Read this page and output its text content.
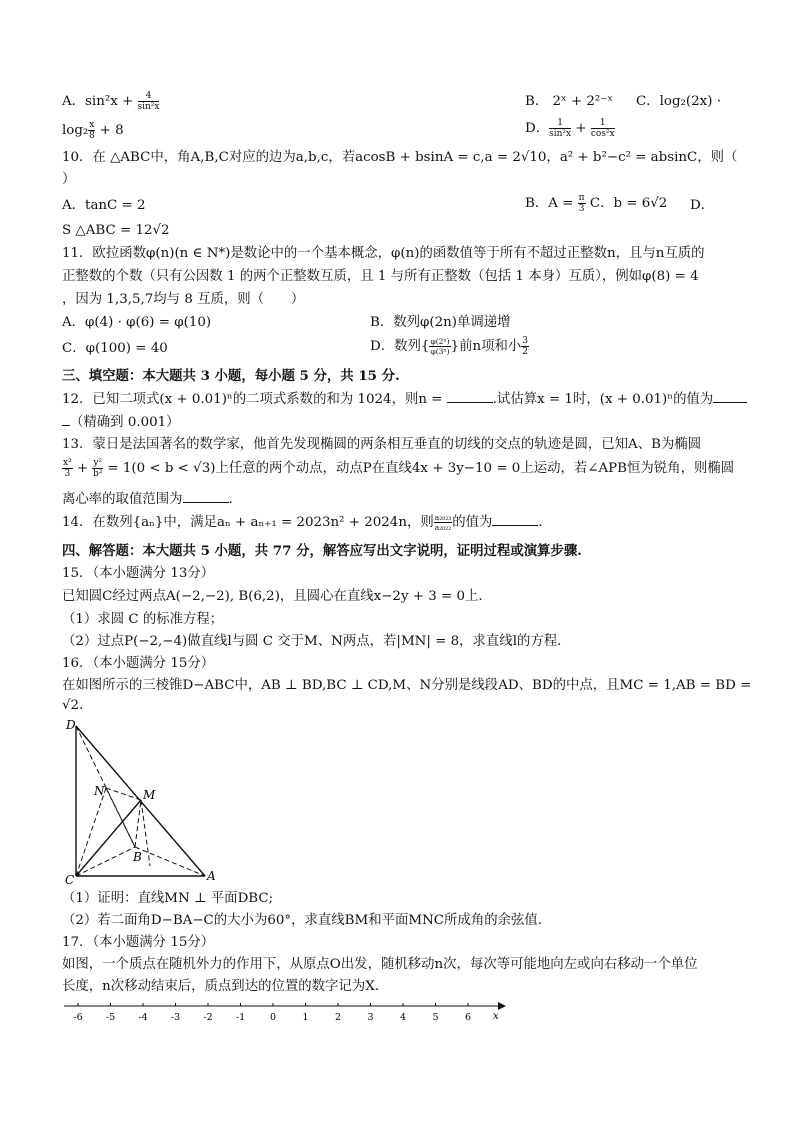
A．$\sin^2x + \frac{4}{\text{sin²x}}$	B． 2ˣ + 2²⁻ˣ C．log₂(2x) ·
$\log_2 \frac{x}{8} + 8$	D． $\frac{1}{\text{sin²x}} + \frac{1}{\text{cos²x}}$
10．在 △ABC中，角A,B,C对应的边为a,b,c，若acosB + bsinA = c,a = 2√10，a² + b²−c² = absinC，则（
）
A．tanC = 2	B．$A = \frac{\pi}{3}$ C．b = 6√2 D．
S △ABC = 12√2
11．欧拉函数φ(n)(n ∈ N*)是数论中的一个基本概念，φ(n)的函数值等于所有不超过正整数n，且与n互质的
正整数的个数（只有公因数 1 的两个正整数互质，且 1 与所有正整数（包括 1 本身）互质），例如φ(8) = 4
，因为 1,3,5,7均与 8 互质，则（　　）
A．φ(4) · φ(6) = φ(10)	B．数列φ(2n)单调递增
C．φ(100) = 40	D．数列{ $\frac{\text{φ(2ⁿ)}}{\text{φ(3ⁿ)}}$ }前n项和小 $\frac{3}{2}$
三、填空题：本大题共 3 小题，每小题 5 分，共 15 分.
12．已知二项式(x + 0.01)ⁿ的二项式系数的和为 1024，则n =	.试估算x = 1时，(x + 0.01)ⁿ的值为
（精确到 0.001）
13．蒙日是法国著名的数学家，他首先发现椭圆的两条相互垂直的切线的交点的轨迹是圆，已知A、B为椭圆
$\frac{\text{x²}}{3} + \frac{\text{y²}}{\text{b²}} = 1(0 < b < √3)$上任意的两个动点，动点P在直线4x + 3y−10 = 0上运动，若∠APB恒为锐角，则椭圆
离心率的取值范围为	.
14．在数列{aₙ}中，满足aₙ + aₙ₊₁ = 2023n² + 2024n，则 $\frac{\text{a₂₀₂₃}}{\text{a₂₀₂₂}}$ 的值为	.
四、解答题：本大题共 5 小题，共 77 分，解答应写出文字说明，证明过程或演算步骤.
15．（本小题满分 13分）
已知圆C经过两点A(−2,−2), B(6,2)，且圆心在直线x−2y + 3 = 0上.
（1）求圆 C 的标准方程；
（2）过点P(−2,−4)做直线l与圆 C 交于M、N两点，若|MN| = 8，求直线l的方程.
16．（本小题满分 15分）
在如图所示的三棱锥D−ABC中，AB ⊥ BD,BC ⊥ CD,M、N分别是线段AD、BD的中点，且MC = 1,AB = BD =
√2.
D
N	M
B
C	A
（1）证明：直线MN ⊥ 平面DBC;
（2）若二面角D−BA−C的大小为60°，求直线BM和平面MNC所成角的余弦值.
17．（本小题满分 15分）
如图，一个质点在随机外力的作用下，从原点O出发，随机移动n次，每次等可能地向左或向右移动一个单位
长度，n次移动结束后，质点到达的位置的数字记为X.
x
-6 -5 -4 -3 -2 -1	0	1	2	3	4	5	6
